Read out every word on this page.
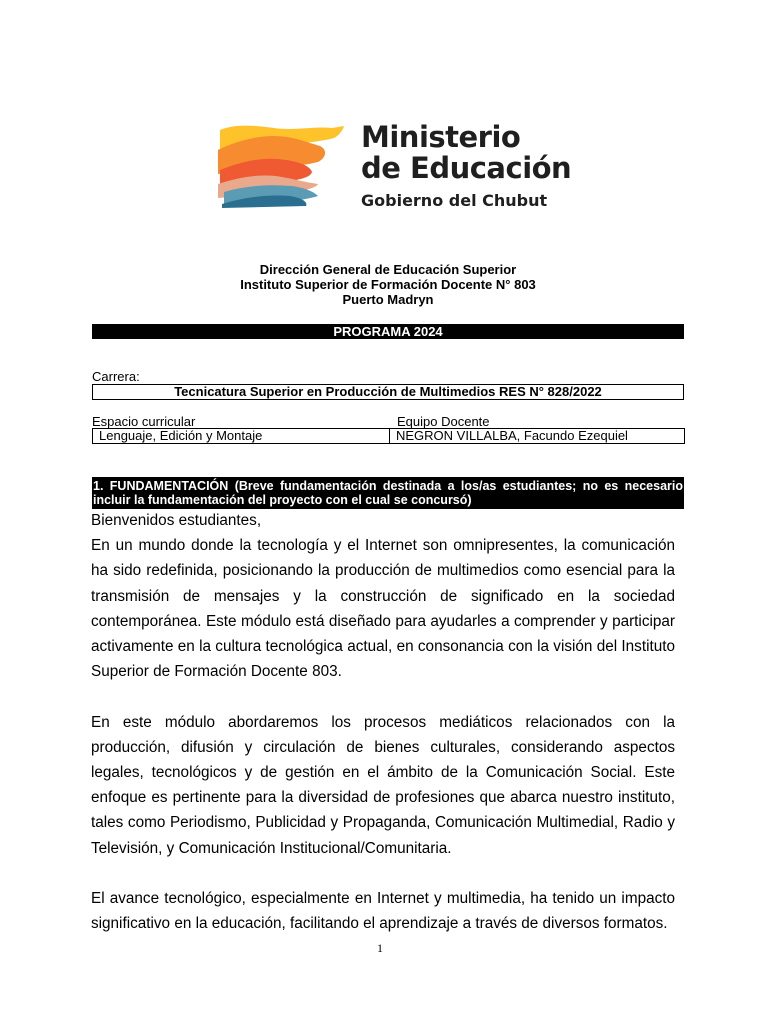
Ministerio
de Educación
Gobierno del Chubut
Dirección General de Educación Superior
Instituto Superior de Formación Docente N° 803
Puerto Madryn
PROGRAMA 2024
Carrera:
Tecnicatura Superior en Producción de Multimedios RES N° 828/2022
Espacio curricular	Equipo Docente
Lenguaje, Edición y Montaje	NEGRON VILLALBA, Facundo Ezequiel
1. FUNDAMENTACIÓN (Breve fundamentación destinada a los/as estudiantes; no es necesario incluir la fundamentación del proyecto con el cual se concursó)

Bienvenidos estudiantes,

En un mundo donde la tecnología y el Internet son omnipresentes, la comunicación ha sido redefinida, posicionando la producción de multimedios como esencial para la transmisión de mensajes y la construcción de significado en la sociedad contemporánea. Este módulo está diseñado para ayudarles a comprender y participar activamente en la cultura tecnológica actual, en consonancia con la visión del Instituto Superior de Formación Docente 803.

En este módulo abordaremos los procesos mediáticos relacionados con la producción, difusión y circulación de bienes culturales, considerando aspectos legales, tecnológicos y de gestión en el ámbito de la Comunicación Social. Este enfoque es pertinente para la diversidad de profesiones que abarca nuestro instituto, tales como Periodismo, Publicidad y Propaganda, Comunicación Multimedial, Radio y Televisión, y Comunicación Institucional/Comunitaria.

El avance tecnológico, especialmente en Internet y multimedia, ha tenido un impacto significativo en la educación, facilitando el aprendizaje a través de diversos formatos.

1
